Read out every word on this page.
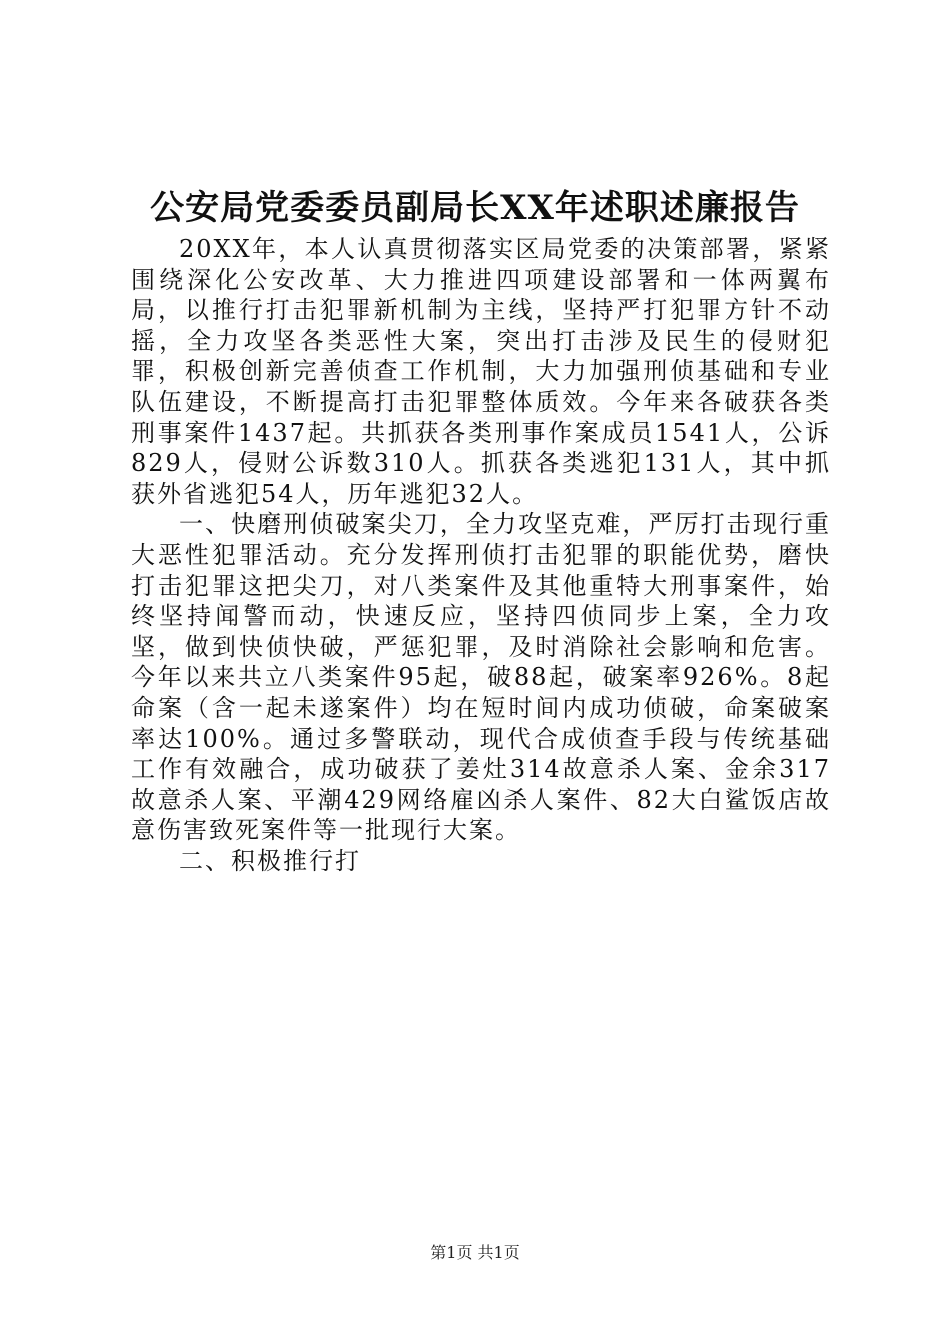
公安局党委委员副局长XX年述职述廉报告

20XX年，本人认真贯彻落实区局党委的决策部署，紧紧围绕深化公安改革、大力推进四项建设部署和一体两翼布局，以推行打击犯罪新机制为主线，坚持严打犯罪方针不动摇，全力攻坚各类恶性大案，突出打击涉及民生的侵财犯罪，积极创新完善侦查工作机制，大力加强刑侦基础和专业队伍建设，不断提高打击犯罪整体质效。今年来各破获各类刑事案件1437起。共抓获各类刑事作案成员1541人，公诉829人，侵财公诉数310人。抓获各类逃犯131人，其中抓获外省逃犯54人，历年逃犯32人。

一、快磨刑侦破案尖刀，全力攻坚克难，严厉打击现行重大恶性犯罪活动。充分发挥刑侦打击犯罪的职能优势，磨快打击犯罪这把尖刀，对八类案件及其他重特大刑事案件，始终坚持闻警而动，快速反应，坚持四侦同步上案，全力攻坚，做到快侦快破，严惩犯罪，及时消除社会影响和危害。今年以来共立八类案件95起，破88起，破案率926%。8起命案（含一起未遂案件）均在短时间内成功侦破，命案破案率达100%。通过多警联动，现代合成侦查手段与传统基础工作有效融合，成功破获了姜灶314故意杀人案、金余317故意杀人案、平潮429网络雇凶杀人案件、82大白鲨饭店故意伤害致死案件等一批现行大案。

二、积极推行打

第1页 共1页
